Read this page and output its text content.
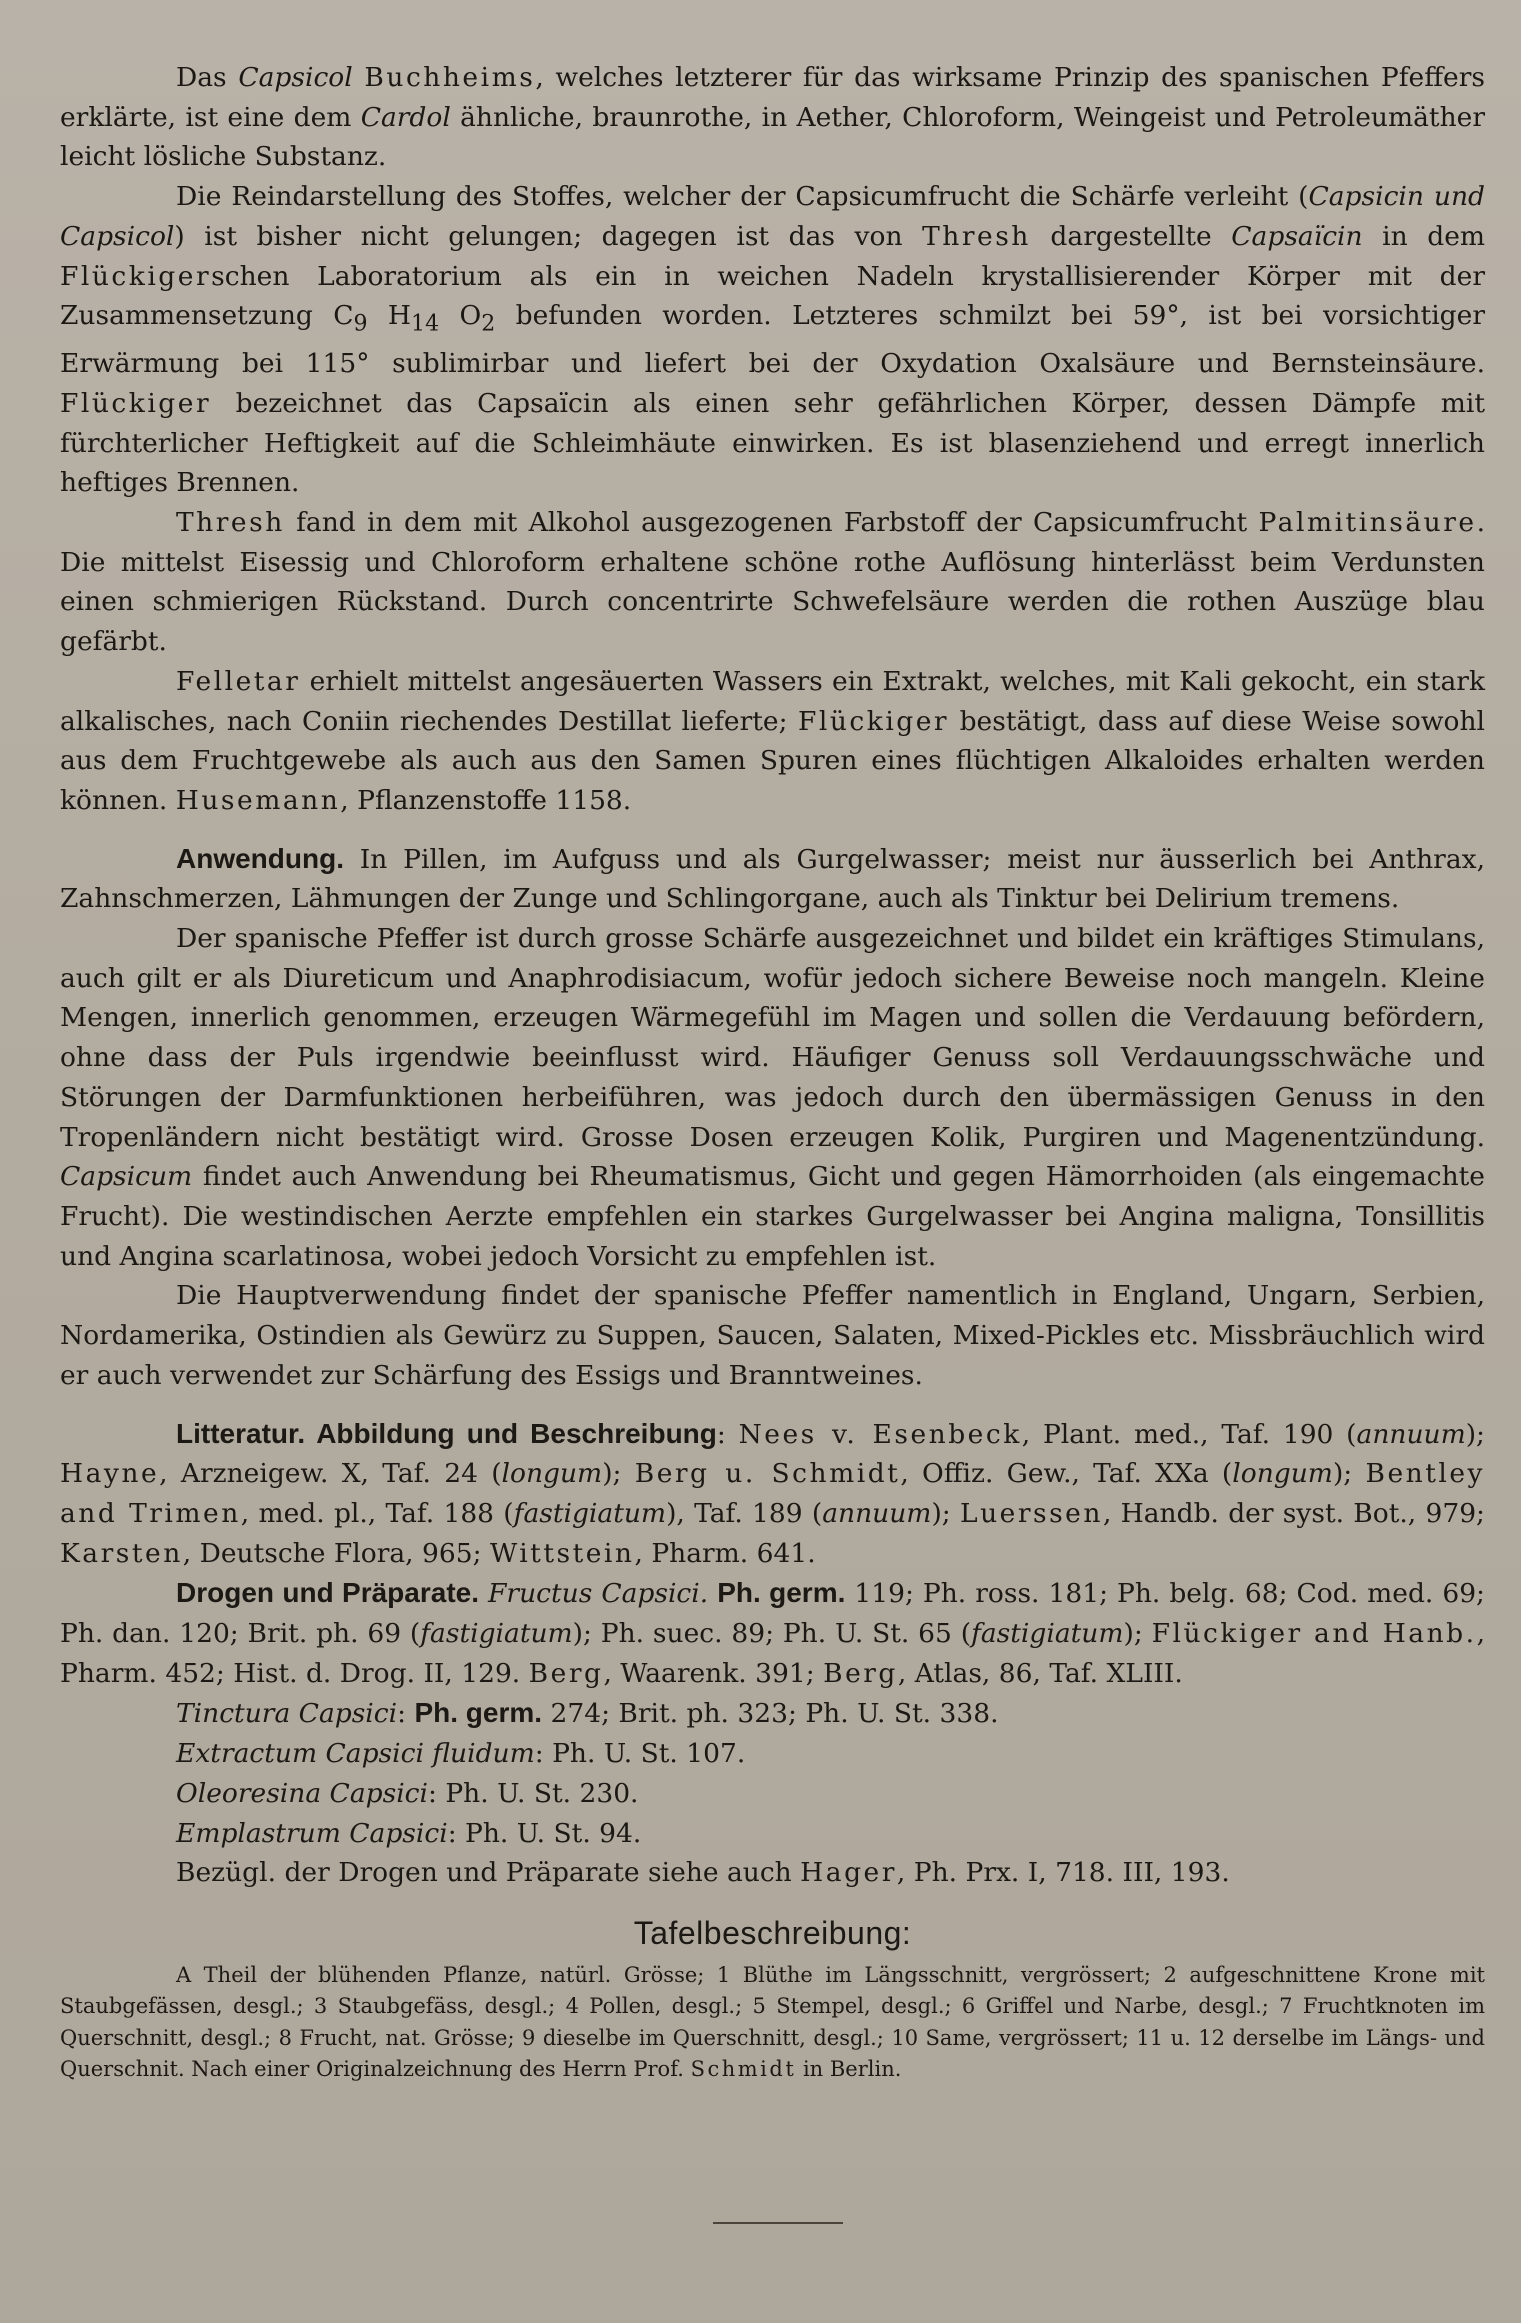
Das Capsicol Buchheims, welches letzterer für das wirksame Prinzip des spanischen Pfeffers erklärte, ist eine dem Cardol ähnliche, braunrothe, in Aether, Chloroform, Weingeist und Petroleumäther leicht lösliche Substanz.

Die Reindarstellung des Stoffes, welcher der Capsicumfrucht die Schärfe verleiht (Capsicin und Capsicol) ist bisher nicht gelungen; dagegen ist das von Thresh dargestellte Capsaïcin in dem Flückigerschen Laboratorium als ein in weichen Nadeln krystallisierender Körper mit der Zusammensetzung $C_9$ $H_{14}$ $O_2$ befunden worden. Letzteres schmilzt bei 59°, ist bei vorsichtiger Erwärmung bei 115° sublimirbar und liefert bei der Oxydation Oxalsäure und Bernsteinsäure. Flückiger bezeichnet das Capsaïcin als einen sehr gefährlichen Körper, dessen Dämpfe mit fürchterlicher Heftigkeit auf die Schleimhäute einwirken. Es ist blasenziehend und erregt innerlich heftiges Brennen.

Thresh fand in dem mit Alkohol ausgezogenen Farbstoff der Capsicumfrucht Palmitinsäure. Die mittelst Eisessig und Chloroform erhaltene schöne rothe Auflösung hinterlässt beim Verdunsten einen schmierigen Rückstand. Durch concentrirte Schwefelsäure werden die rothen Auszüge blau gefärbt.

Felletar erhielt mittelst angesäuerten Wassers ein Extrakt, welches, mit Kali gekocht, ein stark alkalisches, nach Coniin riechendes Destillat lieferte; Flückiger bestätigt, dass auf diese Weise sowohl aus dem Fruchtgewebe als auch aus den Samen Spuren eines flüchtigen Alkaloides erhalten werden können. Husemann, Pflanzenstoffe 1158.

Anwendung. In Pillen, im Aufguss und als Gurgelwasser; meist nur äusserlich bei Anthrax, Zahnschmerzen, Lähmungen der Zunge und Schlingorgane, auch als Tinktur bei Delirium tremens.

Der spanische Pfeffer ist durch grosse Schärfe ausgezeichnet und bildet ein kräftiges Stimulans, auch gilt er als Diureticum und Anaphrodisiacum, wofür jedoch sichere Beweise noch mangeln. Kleine Mengen, innerlich genommen, erzeugen Wärmegefühl im Magen und sollen die Verdauung befördern, ohne dass der Puls irgendwie beeinflusst wird. Häufiger Genuss soll Verdauungsschwäche und Störungen der Darmfunktionen herbeiführen, was jedoch durch den übermässigen Genuss in den Tropenländern nicht bestätigt wird. Grosse Dosen erzeugen Kolik, Purgiren und Magenentzündung. Capsicum findet auch Anwendung bei Rheumatismus, Gicht und gegen Hämorrhoiden (als eingemachte Frucht). Die westindischen Aerzte empfehlen ein starkes Gurgelwasser bei Angina maligna, Tonsillitis und Angina scarlatinosa, wobei jedoch Vorsicht zu empfehlen ist.

Die Hauptverwendung findet der spanische Pfeffer namentlich in England, Ungarn, Serbien, Nordamerika, Ostindien als Gewürz zu Suppen, Saucen, Salaten, Mixed-Pickles etc. Missbräuchlich wird er auch verwendet zur Schärfung des Essigs und Branntweines.

Litteratur. Abbildung und Beschreibung: Nees v. Esenbeck, Plant. med., Taf. 190 (annuum); Hayne, Arzneigew. X, Taf. 24 (longum); Berg u. Schmidt, Offiz. Gew., Taf. XXa (longum); Bentley and Trimen, med. pl., Taf. 188 (fastigiatum), Taf. 189 (annuum); Luerssen, Handb. der syst. Bot., 979; Karsten, Deutsche Flora, 965; Wittstein, Pharm. 641.

Drogen und Präparate. Fructus Capsici. Ph. germ. 119; Ph. ross. 181; Ph. belg. 68; Cod. med. 69; Ph. dan. 120; Brit. ph. 69 (fastigiatum); Ph. suec. 89; Ph. U. St. 65 (fastigiatum); Flückiger and Hanb., Pharm. 452; Hist. d. Drog. II, 129. Berg, Waarenk. 391; Berg, Atlas, 86, Taf. XLIII.

Tinctura Capsici: Ph. germ. 274; Brit. ph. 323; Ph. U. St. 338.

Extractum Capsici fluidum: Ph. U. St. 107.

Oleoresina Capsici: Ph. U. St. 230.

Emplastrum Capsici: Ph. U. St. 94.

Bezügl. der Drogen und Präparate siehe auch Hager, Ph. Prx. I, 718. III, 193.

Tafelbeschreibung:

A Theil der blühenden Pflanze, natürl. Grösse; 1 Blüthe im Längsschnitt, vergrössert; 2 aufgeschnittene Krone mit Staubgefässen, desgl.; 3 Staubgefäss, desgl.; 4 Pollen, desgl.; 5 Stempel, desgl.; 6 Griffel und Narbe, desgl.; 7 Fruchtknoten im Querschnitt, desgl.; 8 Frucht, nat. Grösse; 9 dieselbe im Querschnitt, desgl.; 10 Same, vergrössert; 11 u. 12 derselbe im Längs- und Querschnit. Nach einer Originalzeichnung des Herrn Prof. Schmidt in Berlin.
